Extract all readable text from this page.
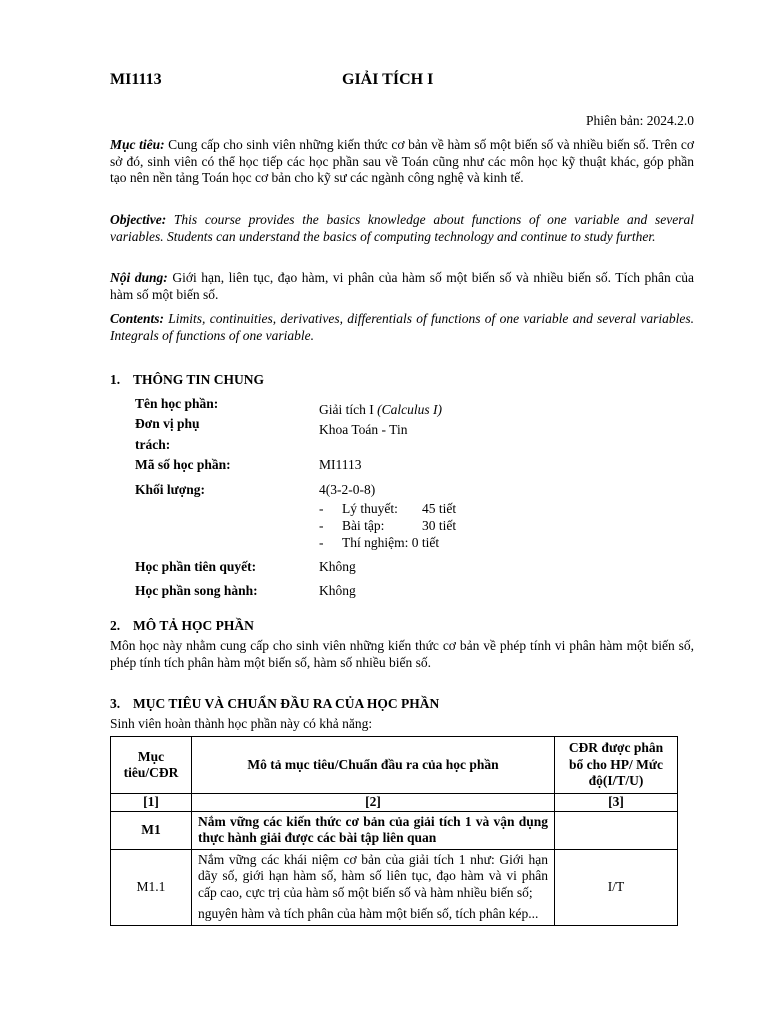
MI1113	GIẢI TÍCH I
Phiên bản: 2024.2.0
Mục tiêu: Cung cấp cho sinh viên những kiến thức cơ bản về hàm số một biến số và nhiều biến số. Trên cơ sở đó, sinh viên có thể học tiếp các học phần sau về Toán cũng như các môn học kỹ thuật khác, góp phần tạo nên nền tảng Toán học cơ bản cho kỹ sư các ngành công nghệ và kinh tế.
Objective: This course provides the basics knowledge about functions of one variable and several variables. Students can understand the basics of computing technology and continue to study further.
Nội dung: Giới hạn, liên tục, đạo hàm, vi phân của hàm số một biến số và nhiều biến số. Tích phân của hàm số một biến số.
Contents: Limits, continuities, derivatives, differentials of functions of one variable and several variables. Integrals of functions of one variable.
1. THÔNG TIN CHUNG
Tên học phần:	Giải tích I (Calculus I)
Đơn vị phụ
trách:
Khoa Toán - Tin
Mã số học phần:	MI1113
Khối lượng:	4(3-2-0-8)
- Lý thuyết: 45 tiết
- Bài tập:	30 tiết
- Thí nghiệm: 0 tiết
Học phần tiên quyết:	Không
Học phần song hành:	Không
2. MÔ TẢ HỌC PHẦN
Môn học này nhằm cung cấp cho sinh viên những kiến thức cơ bản về phép tính vi phân hàm một biến số, phép tính tích phân hàm một biến số, hàm số nhiều biến số.
3. MỤC TIÊU VÀ CHUẨN ĐẦU RA CỦA HỌC PHẦN
Sinh viên hoàn thành học phần này có khả năng:
Mục tiêu/CĐR	Mô tả mục tiêu/Chuẩn đầu ra của học phần	CĐR được phân bổ cho HP/ Mức độ(I/T/U)
[1]	[2]	[3]
M1	Nắm vững các kiến thức cơ bản của giải tích 1 và vận dụng thực hành giải được các bài tập liên quan	
M1.1	Nắm vững các khái niệm cơ bản của giải tích 1 như: Giới hạn dãy số, giới hạn hàm số, hàm số liên tục, đạo hàm và vi phân cấp cao, cực trị của hàm số một biến số và hàm nhiều biến số;

nguyên hàm và tích phân của hàm một biến số, tích phân kép...	I/T
